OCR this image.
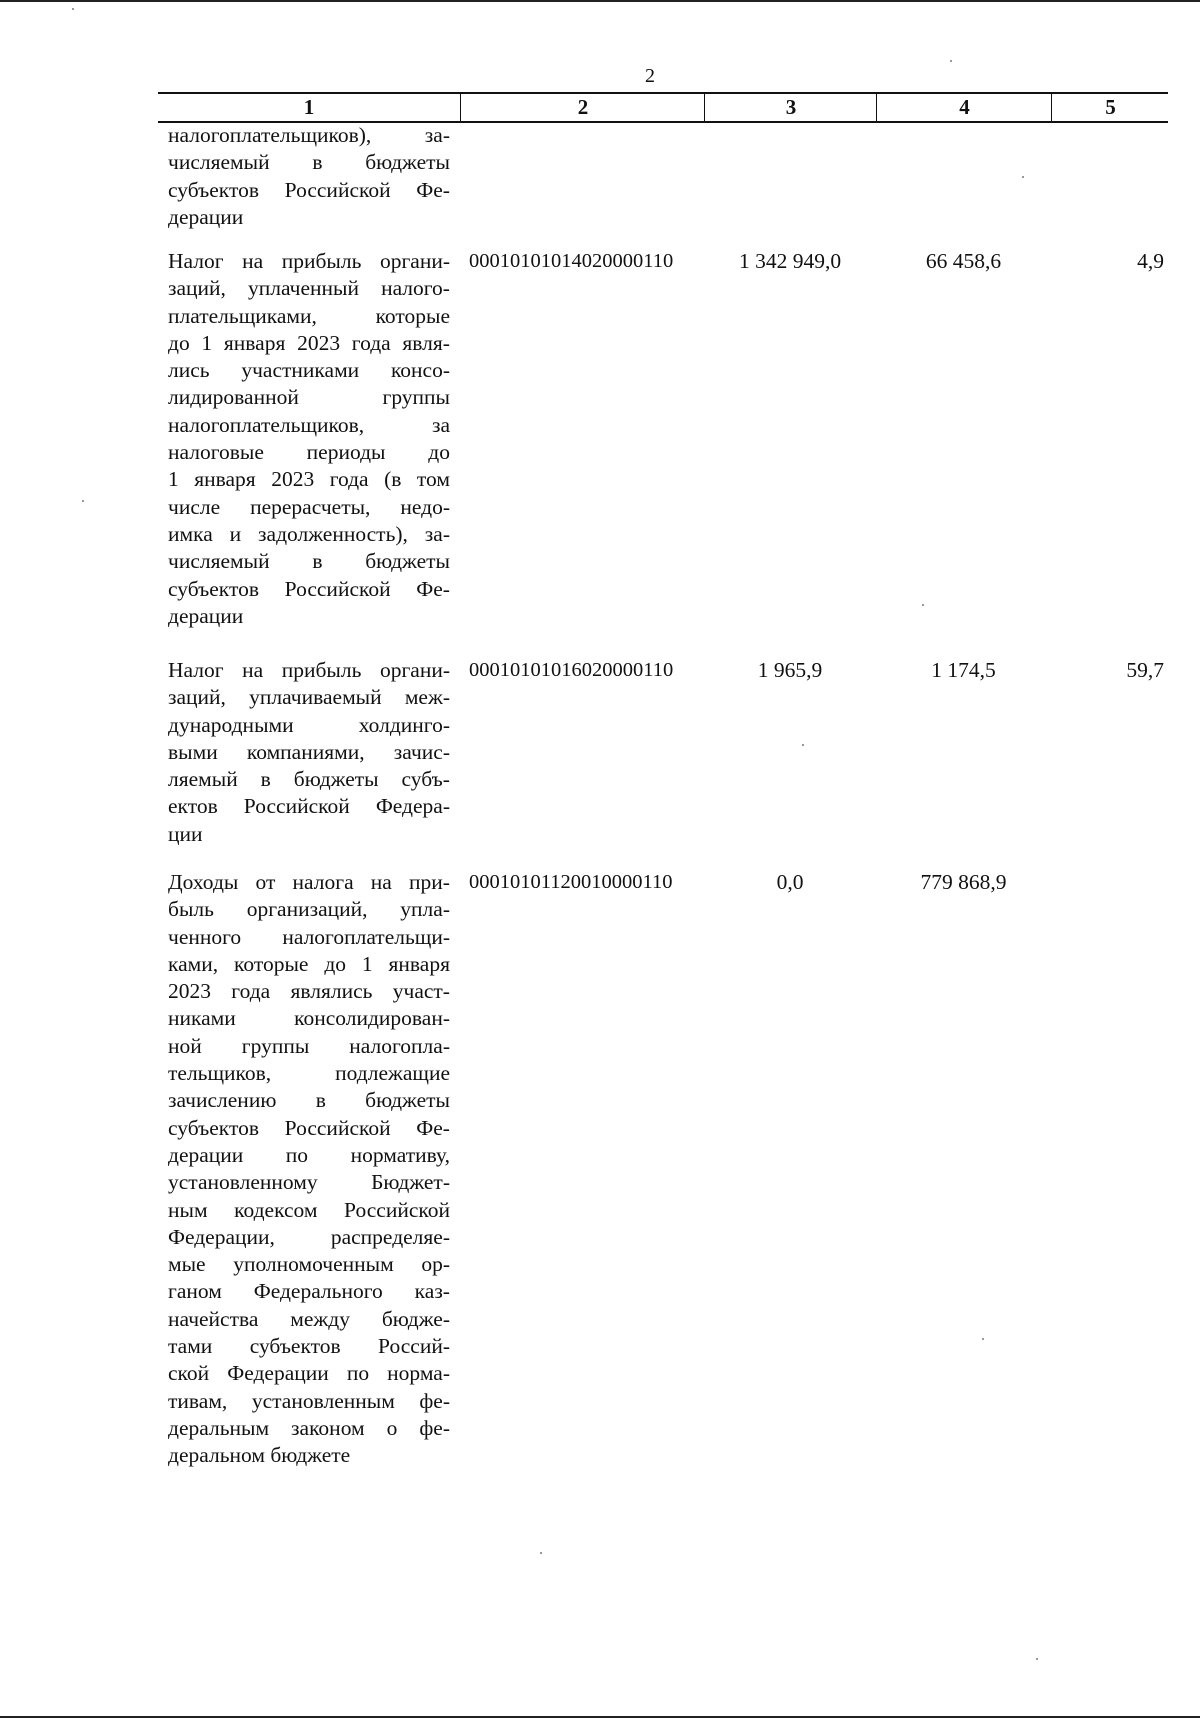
2
1	2	3	4	5
налогоплательщиков), за-
числяемый в бюджеты
субъектов Российской Фе-
дерации
Налог на прибыль органи-
заций, уплаченный налого-
плательщиками,	которые
до 1 января 2023 года явля-
лись участниками консо-
лидированной	группы
налогоплательщиков,	за
налоговые периоды до
1 января 2023 года (в том
числе перерасчеты, недо-
имка и задолженность), за-
числяемый в бюджеты
субъектов Российской Фе-
дерации
00010101014020000110	1 342 949,0	66 458,6	4,9
Налог на прибыль органи-
заций, уплачиваемый меж-
дународными	холдинго-
выми компаниями, зачис-
ляемый в бюджеты субъ-
ектов Российской Федера-
ции
00010101016020000110	1 965,9	1 174,5	59,7
Доходы от налога на при-
быль организаций, упла-
ченного налогоплательщи-
ками, которые до 1 января
2023 года являлись участ-
никами	консолидирован-
ной группы налогопла-
тельщиков,	подлежащие
зачислению в бюджеты
субъектов Российской Фе-
дерации по нормативу,
установленному Бюджет-
ным кодексом Российской
Федерации,	распределяе-
мые уполномоченным ор-
ганом Федерального каз-
начейства между бюдже-
тами субъектов Россий-
ской Федерации по норма-
тивам, установленным фе-
деральным законом о фе-
деральном бюджете
00010101120010000110	0,0	779 868,9
